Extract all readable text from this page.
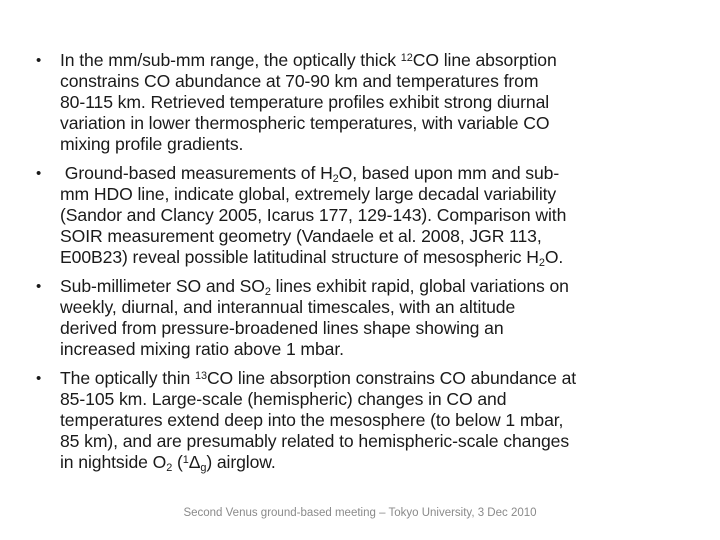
•	In the mm/sub-mm range, the optically thick $^{12}$CO line absorption
constrains CO abundance at 70-90 km and temperatures from
80-115 km. Retrieved temperature profiles exhibit strong diurnal
variation in lower thermospheric temperatures, with variable CO
mixing profile gradients.
•	Ground-based measurements of $H_2O$, based upon mm and sub-
mm HDO line, indicate global, extremely large decadal variability
(Sandor and Clancy 2005, Icarus 177, 129-143). Comparison with
SOIR measurement geometry (Vandaele et al. 2008, JGR 113,
E00B23) reveal possible latitudinal structure of mesospheric $H_2O$.
•	Sub-millimeter SO and $SO_2$ lines exhibit rapid, global variations on
weekly, diurnal, and interannual timescales, with an altitude
derived from pressure-broadened lines shape showing an
increased mixing ratio above 1 mbar.
•	The optically thin $^{13}$CO line absorption constrains CO abundance at
85-105 km. Large-scale (hemispheric) changes in CO and
temperatures extend deep into the mesosphere (to below 1 mbar,
85 km), and are presumably related to hemispheric-scale changes
in nightside $O_2$ $(^1\Delta_g)$ airglow.
Second Venus ground-based meeting – Tokyo University, 3 Dec 2010
